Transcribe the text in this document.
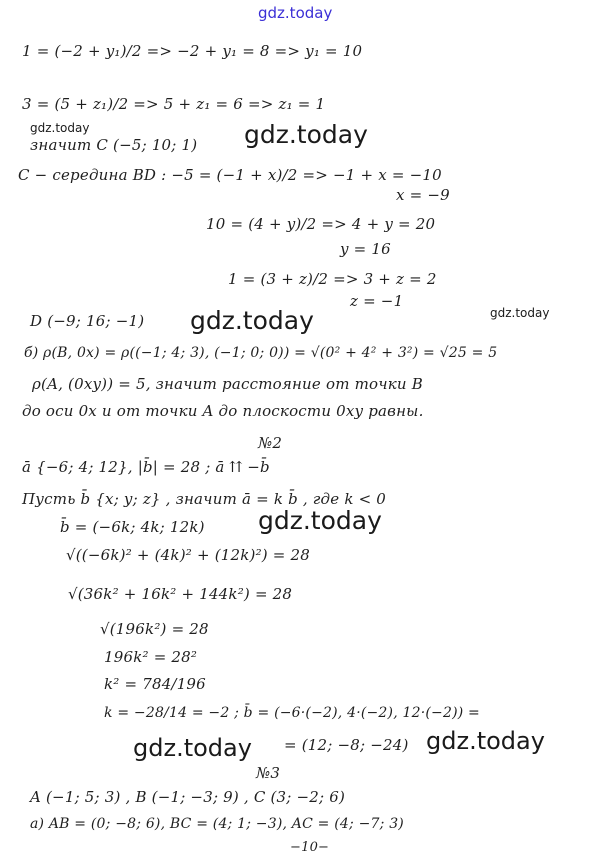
gdz.today
gdz.today	gdz.today
gdz.today	gdz.today
gdz.today
gdz.today	gdz.today
1 = (−2 + y₁)/2 => −2 + y₁ = 8 => y₁ = 10
3 = (5 + z₁)/2 => 5 + z₁ = 6 => z₁ = 1
значит C (−5; 10; 1)
C − середина BD : −5 = (−1 + x)/2 => −1 + x = −10
x = −9
10 = (4 + y)/2 => 4 + y = 20
y = 16
1 = (3 + z)/2 => 3 + z = 2
z = −1
D (−9; 16; −1)
б) ρ(B, 0x) = ρ((−1; 4; 3), (−1; 0; 0)) = √(0² + 4² + 3²) = √25 = 5
ρ(A, (0xy)) = 5, значит расстояние от точки B
до оси 0x и от точки A до плоскости 0xy равны.
№2
ā {−6; 4; 12}, |b̄| = 28 ; ā ⇈ −b̄
Пусть b̄ {x; y; z} , значит ā = k b̄ , где k < 0
b̄ = (−6k; 4k; 12k)
√((−6k)² + (4k)² + (12k)²) = 28
√(36k² + 16k² + 144k²) = 28
√(196k²) = 28
196k² = 28²
k² = 784/196
k = −28/14 = −2 ; b̄ = (−6·(−2), 4·(−2), 12·(−2)) =
= (12; −8; −24)
№3
A (−1; 5; 3) , B (−1; −3; 9) , C (3; −2; 6)
а) AB = (0; −8; 6), BC = (4; 1; −3), AC = (4; −7; 3)
−10−
